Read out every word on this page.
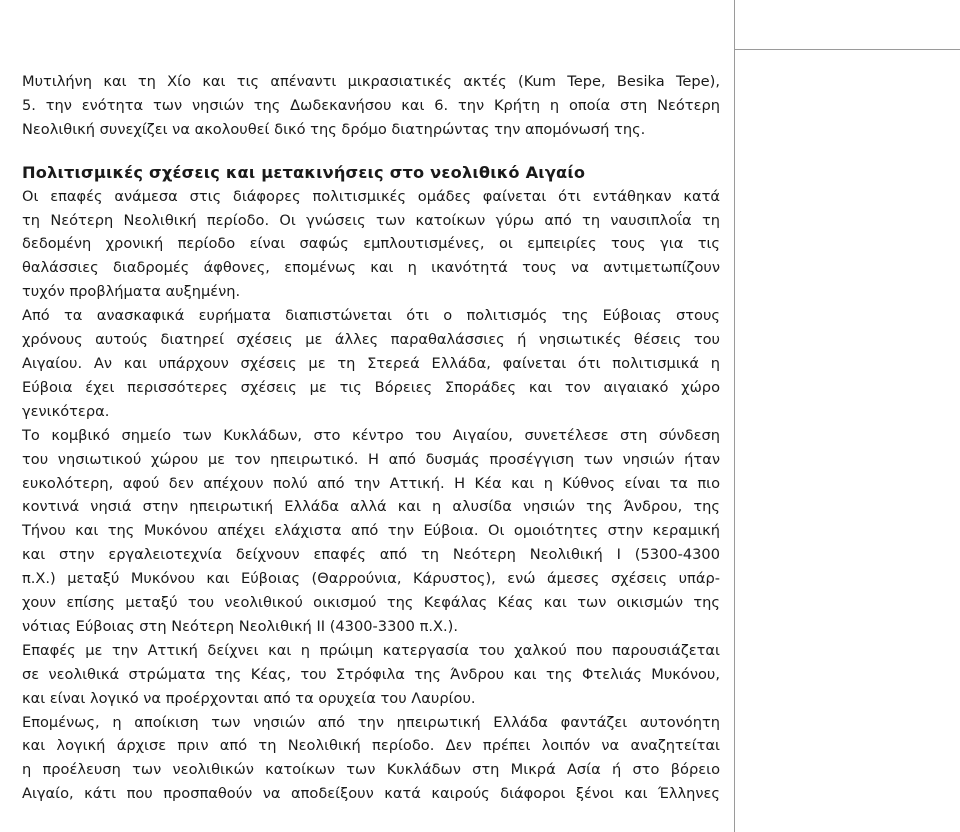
Μυτιλήνη και τη Χίο και τις απέναντι μικρασιατικές ακτές (Kum Tepe, Besika Tepe),
5. την ενότητα των νησιών της Δωδεκανήσου και 6. την Κρήτη η οποία στη Νεότερη
Νεολιθική συνεχίζει να ακολουθεί δικό της δρόμο διατηρώντας την απομόνωσή της.

Πολιτισμικές σχέσεις και μετακινήσεις στο νεολιθικό Αιγαίο

Οι επαφές ανάμεσα στις διάφορες πολιτισμικές ομάδες φαίνεται ότι εντάθηκαν κατά
τη Νεότερη Νεολιθική περίοδο. Οι γνώσεις των κατοίκων γύρω από τη ναυσιπλοΐα τη
δεδομένη χρονική περίοδο είναι σαφώς εμπλουτισμένες, οι εμπειρίες τους για τις
θαλάσσιες διαδρομές άφθονες, επομένως και η ικανότητά τους να αντιμετωπίζουν
τυχόν προβλήματα αυξημένη.

Από τα ανασκαφικά ευρήματα διαπιστώνεται ότι ο πολιτισμός της Εύβοιας στους
χρόνους αυτούς διατηρεί σχέσεις με άλλες παραθαλάσσιες ή νησιωτικές θέσεις του
Αιγαίου. Αν και υπάρχουν σχέσεις με τη Στερεά Ελλάδα, φαίνεται ότι πολιτισμικά η
Εύβοια έχει περισσότερες σχέσεις με τις Βόρειες Σποράδες και τον αιγαιακό χώρο
γενικότερα.

Το κομβικό σημείο των Κυκλάδων, στο κέντρο του Αιγαίου, συνετέλεσε στη σύνδεση
του νησιωτικού χώρου με τον ηπειρωτικό. Η από δυσμάς προσέγγιση των νησιών ήταν
ευκολότερη, αφού δεν απέχουν πολύ από την Αττική. Η Κέα και η Κύθνος είναι τα πιο
κοντινά νησιά στην ηπειρωτική Ελλάδα αλλά και η αλυσίδα νησιών της Άνδρου, της
Τήνου και της Μυκόνου απέχει ελάχιστα από την Εύβοια. Οι ομοιότητες στην κεραμική
και στην εργαλειοτεχνία δείχνουν επαφές από τη Νεότερη Νεολιθική Ι (5300-4300
π.Χ.) μεταξύ Μυκόνου και Εύβοιας (Θαρρούνια, Κάρυστος), ενώ άμεσες σχέσεις υπάρ-
χουν επίσης μεταξύ του νεολιθικού οικισμού της Κεφάλας Κέας και των οικισμών της
νότιας Εύβοιας στη Νεότερη Νεολιθική ΙΙ (4300-3300 π.Χ.).

Επαφές με την Αττική δείχνει και η πρώιμη κατεργασία του χαλκού που παρουσιάζεται
σε νεολιθικά στρώματα της Κέας, του Στρόφιλα της Άνδρου και της Φτελιάς Μυκόνου,
και είναι λογικό να προέρχονται από τα ορυχεία του Λαυρίου.

Επομένως, η αποίκιση των νησιών από την ηπειρωτική Ελλάδα φαντάζει αυτονόητη
και λογική άρχισε πριν από τη Νεολιθική περίοδο. Δεν πρέπει λοιπόν να αναζητείται
η προέλευση των νεολιθικών κατοίκων των Κυκλάδων στη Μικρά Ασία ή στο βόρειο
Αιγαίο, κάτι που προσπαθούν να αποδείξουν κατά καιρούς διάφοροι ξένοι και Έλληνες
